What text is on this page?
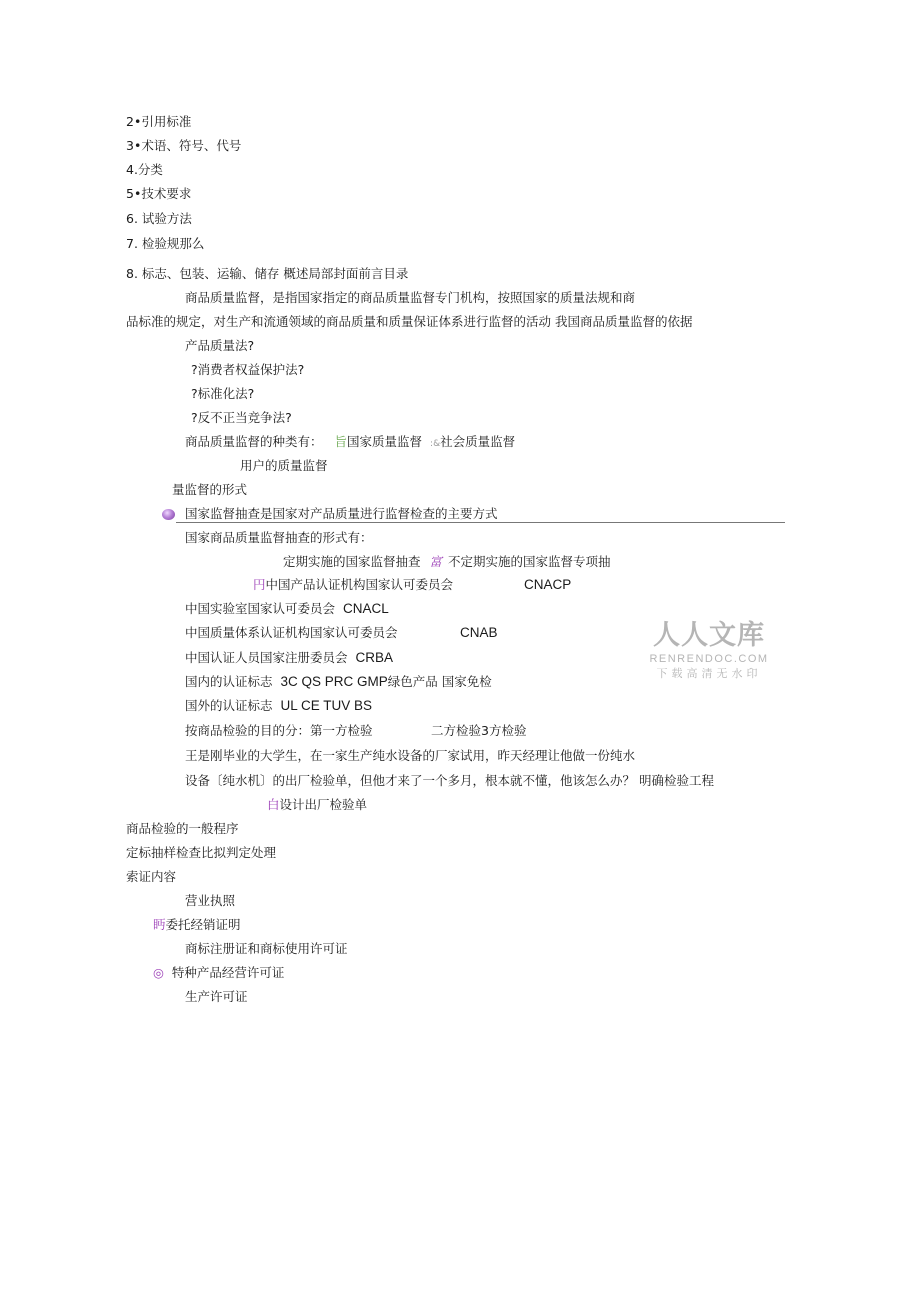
2•引用标准
3•术语、符号、代号
4.分类
5•技术要求
6. 试验方法
7. 检验规那么
8. 标志、包装、运输、储存 概述局部封面前言目录
商品质量监督，是指国家指定的商品质量监督专门机构，按照国家的质量法规和商
品标准的规定，对生产和流通领域的商品质量和质量保证体系进行监督的活动 我国商品质量监督的依据
产品质量法?
?消费者权益保护法?
?标准化法?
?反不正当竞争法?
商品质量监督的种类有： 旨国家质量监督 :&社会质量监督
用户的质量监督
量监督的形式
国家监督抽查是国家对产品质量进行监督检查的主要方式
国家商品质量监督抽查的形式有：
定期实施的国家监督抽查 富 不定期实施的国家监督专项抽
円中国产品认证机构国家认可委员会	CNACP
中国实验室国家认可委员会 CNACL
中国质量体系认证机构国家认可委员会	CNAB
中国认证人员国家注册委员会 CRBA
国内的认证标志 3C QS PRC GMP绿色产品 国家免检
国外的认证标志 UL CE TUV BS
按商品检验的目的分：第一方检验	二方检验3方检验
王是刚毕业的大学生，在一家生产纯水设备的厂家试用，昨天经理让他做一份纯水
设备〔纯水机〕的出厂检验单，但他才来了一个多月，根本就不懂，他该怎么办？ 明确检验工程
白设计出厂检验单
商品检验的一般程序
定标抽样检查比拟判定处理
索证内容
营业执照
眄委托经销证明
商标注册证和商标使用许可证
◎ 特种产品经营许可证
生产许可证
人人文库
RENRENDOC.COM
下载高清无水印
